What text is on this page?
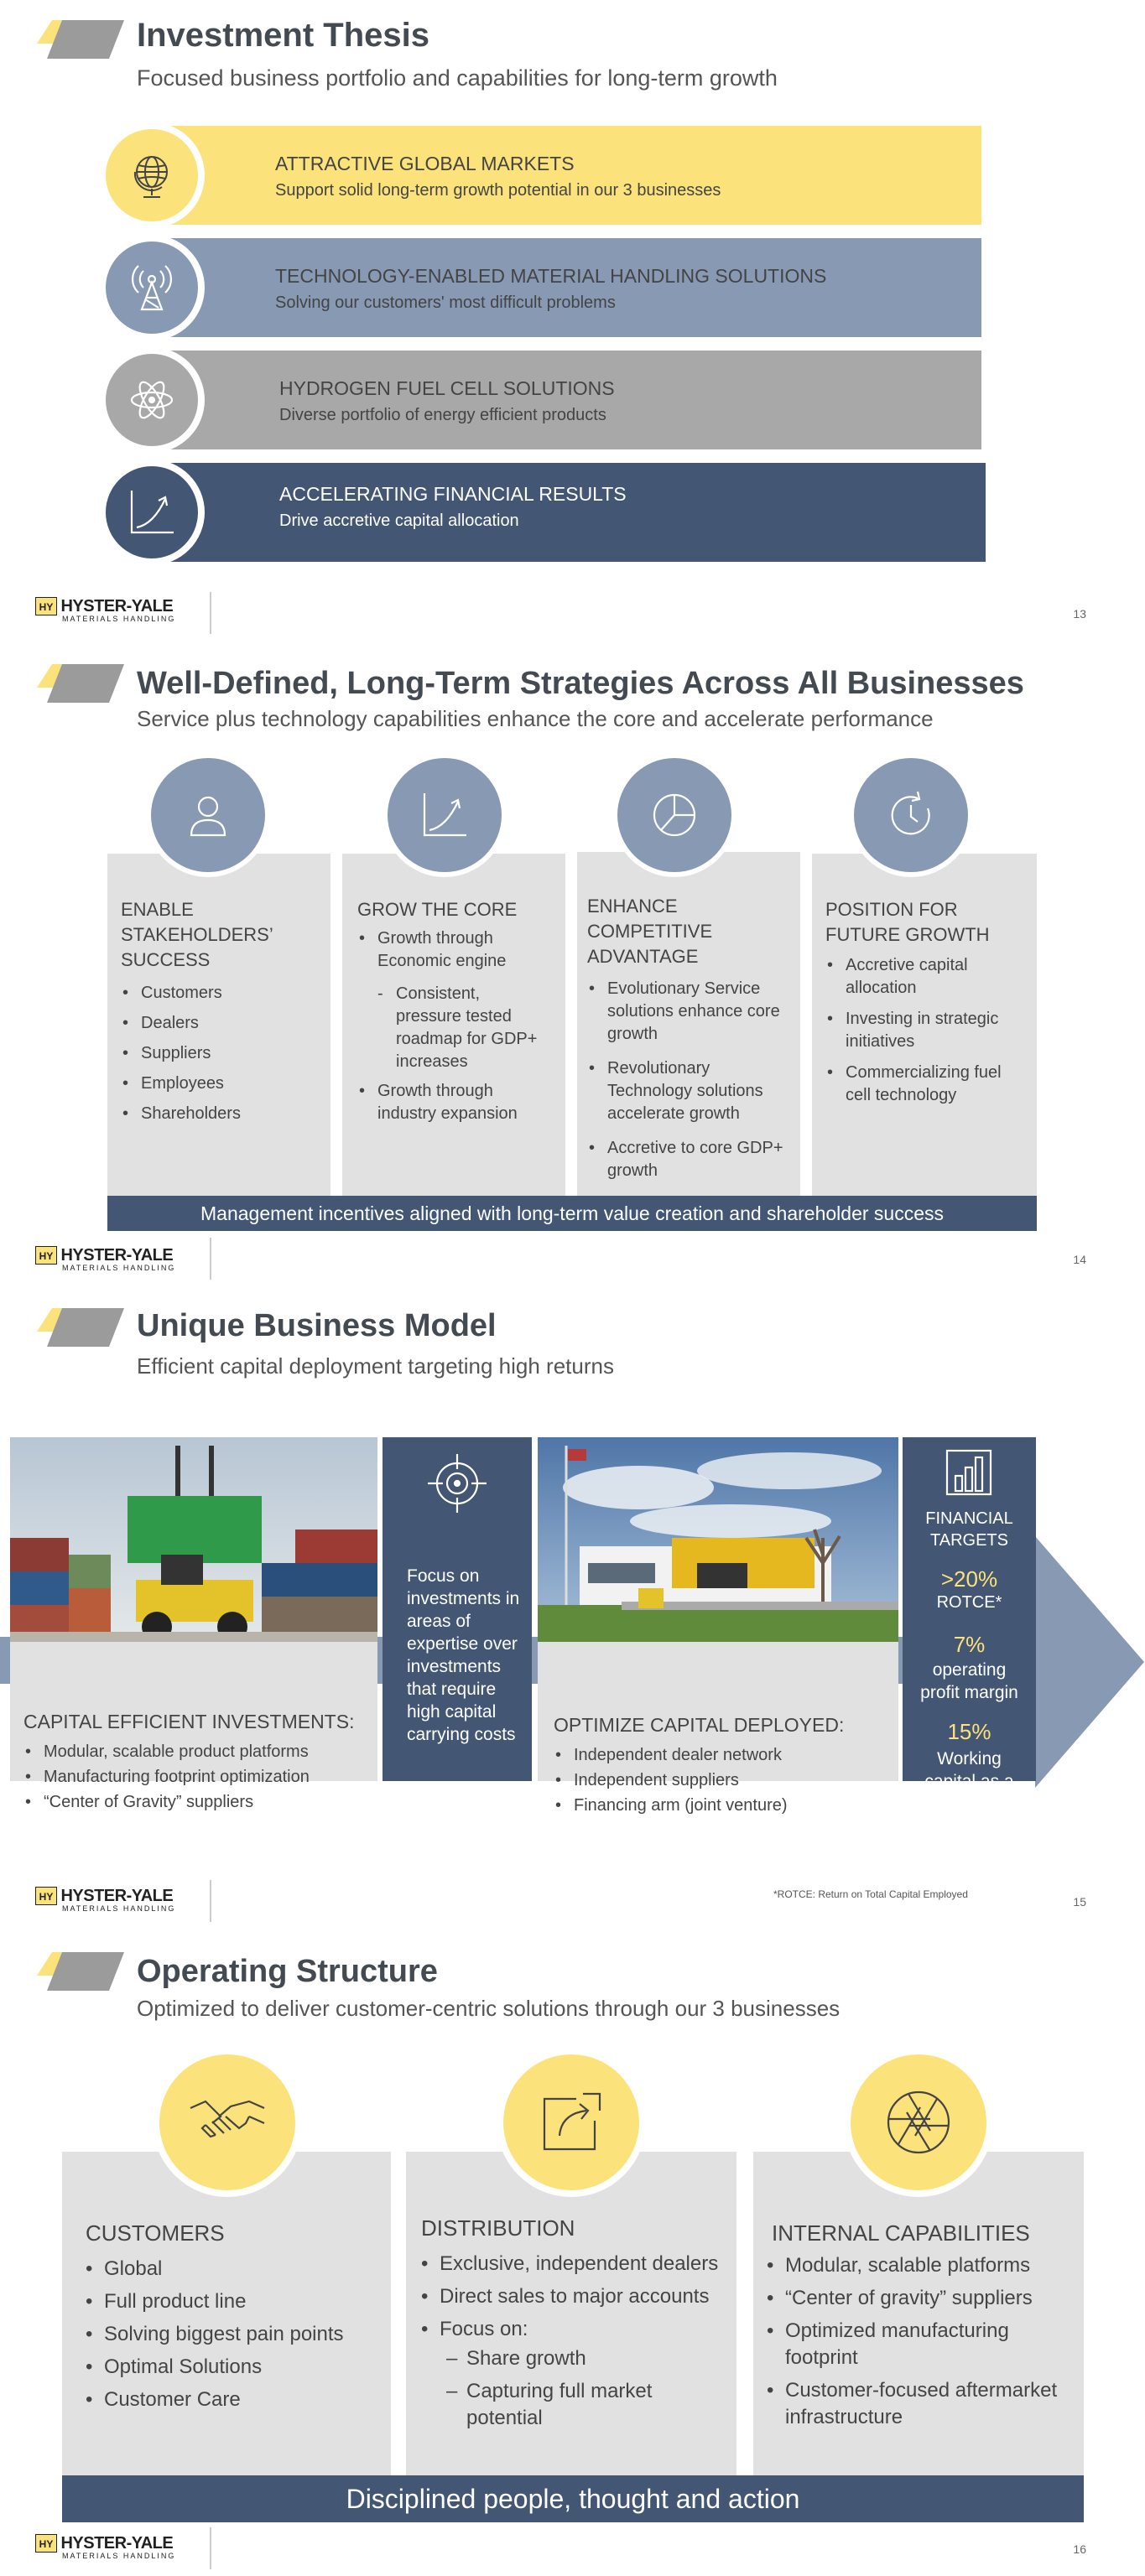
Investment Thesis
Focused business portfolio and capabilities for long-term growth
ATTRACTIVE GLOBAL MARKETS
Support solid long-term growth potential in our 3 businesses
TECHNOLOGY-ENABLED MATERIAL HANDLING SOLUTIONS
Solving our customers' most difficult problems
HYDROGEN FUEL CELL SOLUTIONS
Diverse portfolio of energy efficient products
ACCELERATING FINANCIAL RESULTS
Drive accretive capital allocation
HY HYSTER-YALE
MATERIALS HANDLING	13
Well-Defined, Long-Term Strategies Across All Businesses
Service plus technology capabilities enhance the core and accelerate performance
ENABLE
STAKEHOLDERS’
SUCCESS
• Customers
• Dealers
• Suppliers
• Employees
• Shareholders
GROW THE CORE
• Growth through Economic engine
- Consistent, pressure tested roadmap for GDP+ increases
• Growth through industry expansion
ENHANCE
COMPETITIVE
ADVANTAGE
• Evolutionary Service solutions enhance core growth
• Revolutionary Technology solutions accelerate growth
• Accretive to core GDP+ growth
POSITION FOR
FUTURE GROWTH
• Accretive capital allocation
• Investing in strategic initiatives
• Commercializing fuel cell technology
Management incentives aligned with long-term value creation and shareholder success
HY HYSTER-YALE
MATERIALS HANDLING
14
Unique Business Model
Efficient capital deployment targeting high returns
CAPITAL EFFICIENT INVESTMENTS:
• Modular, scalable product platforms
• Manufacturing footprint optimization
• “Center of Gravity” suppliers
Focus on investments in areas of expertise over investments that require high capital carrying costs	OPTIMIZE CAPITAL DEPLOYED:
• Independent dealer network
• Independent suppliers
• Financing arm (joint venture)
FINANCIAL TARGETS
>20%
ROTCE*
7%
operating profit margin
15%
Working capital as a percentage of sales
HY HYSTER-YALE
MATERIALS HANDLING
*ROTCE: Return on Total Capital Employed
15
Operating Structure
Optimized to deliver customer-centric solutions through our 3 businesses
CUSTOMERS
• Global
• Full product line
• Solving biggest pain points
• Optimal Solutions
• Customer Care
DISTRIBUTION
• Exclusive, independent dealers
• Direct sales to major accounts
• Focus on:
– Share growth
– Capturing full market potential
INTERNAL CAPABILITIES
• Modular, scalable platforms
• “Center of gravity” suppliers
• Optimized manufacturing footprint
• Customer-focused aftermarket infrastructure
Disciplined people, thought and action
HY HYSTER-YALE
MATERIALS HANDLING	16
